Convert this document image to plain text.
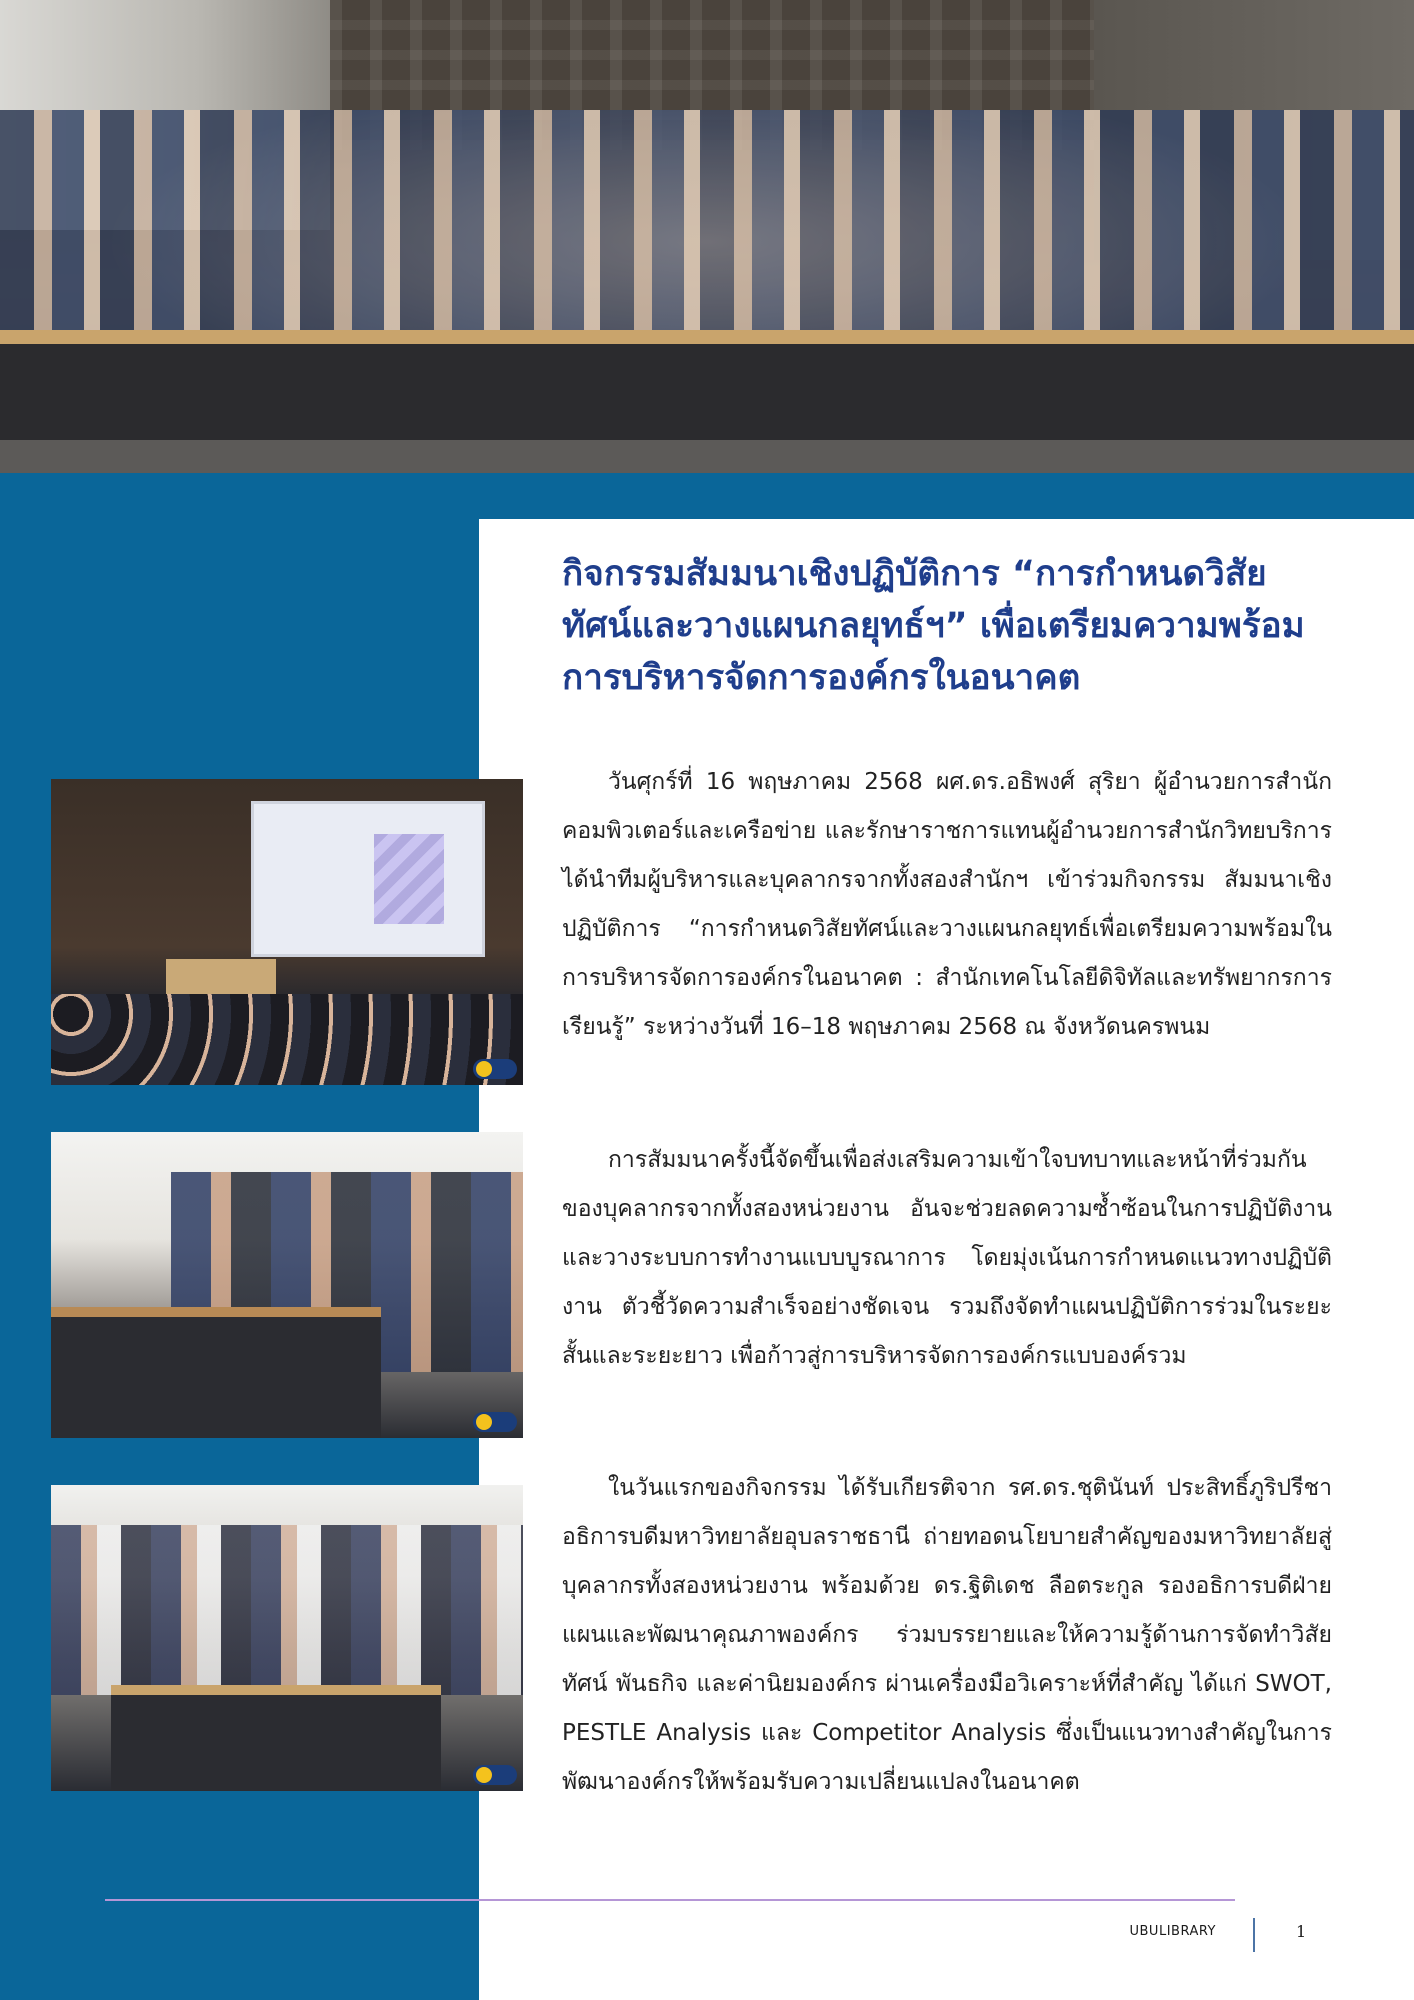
กิจกรรมสัมมนาเชิงปฏิบัติการ “การกำหนดวิสัยทัศน์และวางแผนกลยุทธ์ฯ” เพื่อเตรียมความพร้อมการบริหารจัดการองค์กรในอนาคต

วันศุกร์ที่ 16 พฤษภาคม 2568 ผศ.ดร.อธิพงศ์ สุริยา ผู้อำนวยการสำนักคอมพิวเตอร์และเครือข่าย และรักษาราชการแทนผู้อำนวยการสำนักวิทยบริการ ได้นำทีมผู้บริหารและบุคลากรจากทั้งสองสำนักฯ เข้าร่วมกิจกรรม สัมมนาเชิงปฏิบัติการ “การกำหนดวิสัยทัศน์และวางแผนกลยุทธ์เพื่อเตรียมความพร้อมในการบริหารจัดการองค์กรในอนาคต : สำนักเทคโนโลยีดิจิทัลและทรัพยากรการเรียนรู้” ระหว่างวันที่ 16–18 พฤษภาคม 2568 ณ จังหวัดนครพนม

การสัมมนาครั้งนี้จัดขึ้นเพื่อส่งเสริมความเข้าใจบทบาทและหน้าที่ร่วมกันของบุคลากรจากทั้งสองหน่วยงาน อันจะช่วยลดความซ้ำซ้อนในการปฏิบัติงาน และวางระบบการทำงานแบบบูรณาการ โดยมุ่งเน้นการกำหนดแนวทางปฏิบัติงาน ตัวชี้วัดความสำเร็จอย่างชัดเจน รวมถึงจัดทำแผนปฏิบัติการร่วมในระยะสั้นและระยะยาว เพื่อก้าวสู่การบริหารจัดการองค์กรแบบองค์รวม

ในวันแรกของกิจกรรม ได้รับเกียรติจาก รศ.ดร.ชุตินันท์ ประสิทธิ์ภูริปรีชา อธิการบดีมหาวิทยาลัยอุบลราชธานี ถ่ายทอดนโยบายสำคัญของมหาวิทยาลัยสู่บุคลากรทั้งสองหน่วยงาน พร้อมด้วย ดร.ฐิติเดช ลือตระกูล รองอธิการบดีฝ่ายแผนและพัฒนาคุณภาพองค์กร ร่วมบรรยายและให้ความรู้ด้านการจัดทำวิสัยทัศน์ พันธกิจ และค่านิยมองค์กร ผ่านเครื่องมือวิเคราะห์ที่สำคัญ ได้แก่ SWOT, PESTLE Analysis และ Competitor Analysis ซึ่งเป็นแนวทางสำคัญในการพัฒนาองค์กรให้พร้อมรับความเปลี่ยนแปลงในอนาคต

UBULIBRARY	1
